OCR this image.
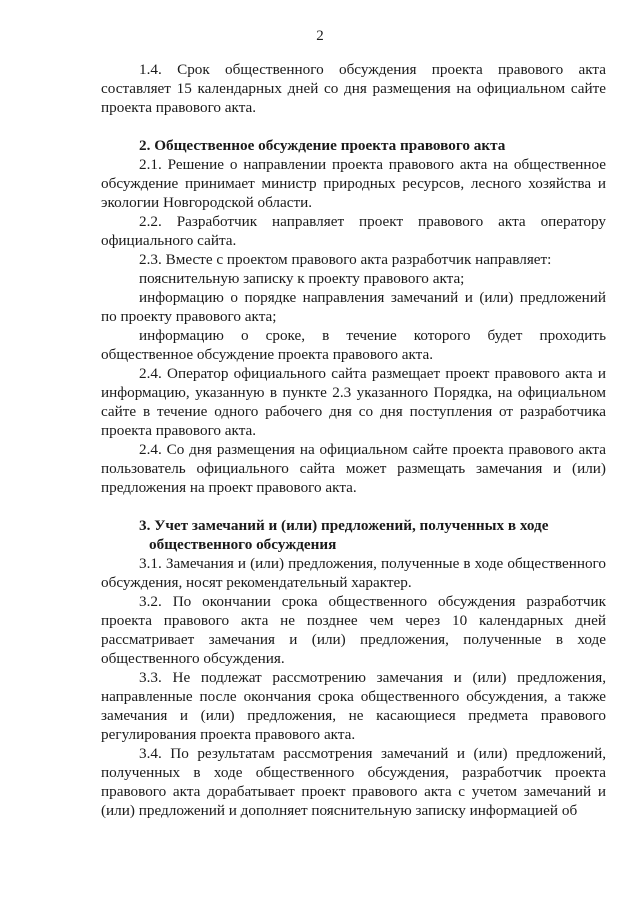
2

1.4. Срок общественного обсуждения проекта правового акта составляет 15 календарных дней со дня размещения на официальном сайте проекта правового акта.

2. Общественное обсуждение проекта правового акта

2.1. Решение о направлении проекта правового акта на общественное обсуждение принимает министр природных ресурсов, лесного хозяйства и экологии Новгородской области.

2.2. Разработчик направляет проект правового акта оператору официального сайта.

2.3. Вместе с проектом правового акта разработчик направляет:

пояснительную записку к проекту правового акта;

информацию о порядке направления замечаний и (или) предложений по проекту правового акта;

информацию о сроке, в течение которого будет проходить общественное обсуждение проекта правового акта.

2.4. Оператор официального сайта размещает проект правового акта и информацию, указанную в пункте 2.3 указанного Порядка, на официальном сайте в течение одного рабочего дня со дня поступления от разработчика проекта правового акта.

2.4. Со дня размещения на официальном сайте проекта правового акта пользователь официального сайта может размещать замечания и (или) предложения на проект правового акта.

3. Учет замечаний и (или) предложений, полученных в ходе

общественного обсуждения

3.1. Замечания и (или) предложения, полученные в ходе общественного обсуждения, носят рекомендательный характер.

3.2. По окончании срока общественного обсуждения разработчик проекта правового акта не позднее чем через 10 календарных дней рассматривает замечания и (или) предложения, полученные в ходе общественного обсуждения.

3.3. Не подлежат рассмотрению замечания и (или) предложения, направленные после окончания срока общественного обсуждения, а также замечания и (или) предложения, не касающиеся предмета правового регулирования проекта правового акта.

3.4. По результатам рассмотрения замечаний и (или) предложений, полученных в ходе общественного обсуждения, разработчик проекта правового акта дорабатывает проект правового акта с учетом замечаний и (или) предложений и дополняет пояснительную записку информацией об
